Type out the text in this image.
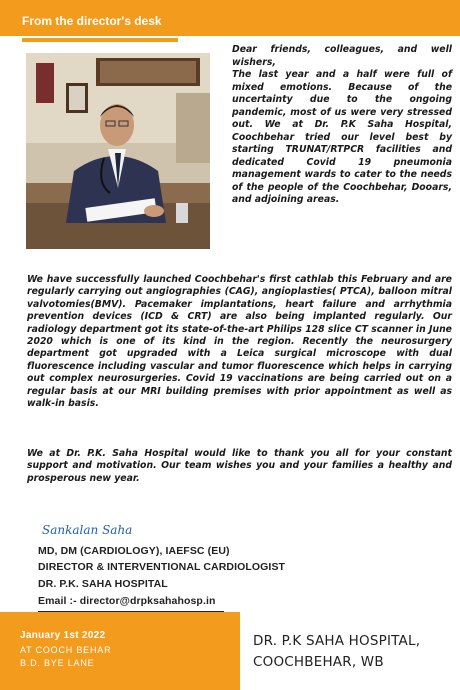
From the director's desk
Dear friends, colleagues, and well wishers,
The last year and a half were full of mixed emotions. Because of the uncertainty due to the ongoing pandemic, most of us were very stressed out. We at Dr. P.K Saha Hospital, Coochbehar tried our level best by starting TRUNAT/RTPCR facilities and dedicated Covid 19 pneumonia management wards to cater to the needs of the people of the Coochbehar, Dooars, and adjoining areas.

We have successfully launched Coochbehar's first cathlab this February and are regularly carrying out angiographies (CAG), angioplasties( PTCA), balloon mitral valvotomies(BMV). Pacemaker implantations, heart failure and arrhythmia prevention devices (ICD & CRT) are also being implanted regularly. Our radiology department got its state-of-the-art Philips 128 slice CT scanner in June 2020 which is one of its kind in the region. Recently the neurosurgery department got upgraded with a Leica surgical microscope with dual fluorescence including vascular and tumor fluorescence which helps in carrying out complex neurosurgeries. Covid 19 vaccinations are being carried out on a regular basis at our MRI building premises with prior appointment as well as walk-in basis.

We at Dr. P.K. Saha Hospital would like to thank you all for your constant support and motivation. Our team wishes you and your families a healthy and prosperous new year.

Sankalan Saha
MD, DM (CARDIOLOGY), IAEFSC (EU)
DIRECTOR & INTERVENTIONAL CARDIOLOGIST
DR. P.K. SAHA HOSPITAL
Email :- director@drpksahahosp.in
January 1st 2022
AT COOCH BEHAR
B.D. BYE LANE
DR. P.K SAHA HOSPITAL,
COOCHBEHAR, WB
